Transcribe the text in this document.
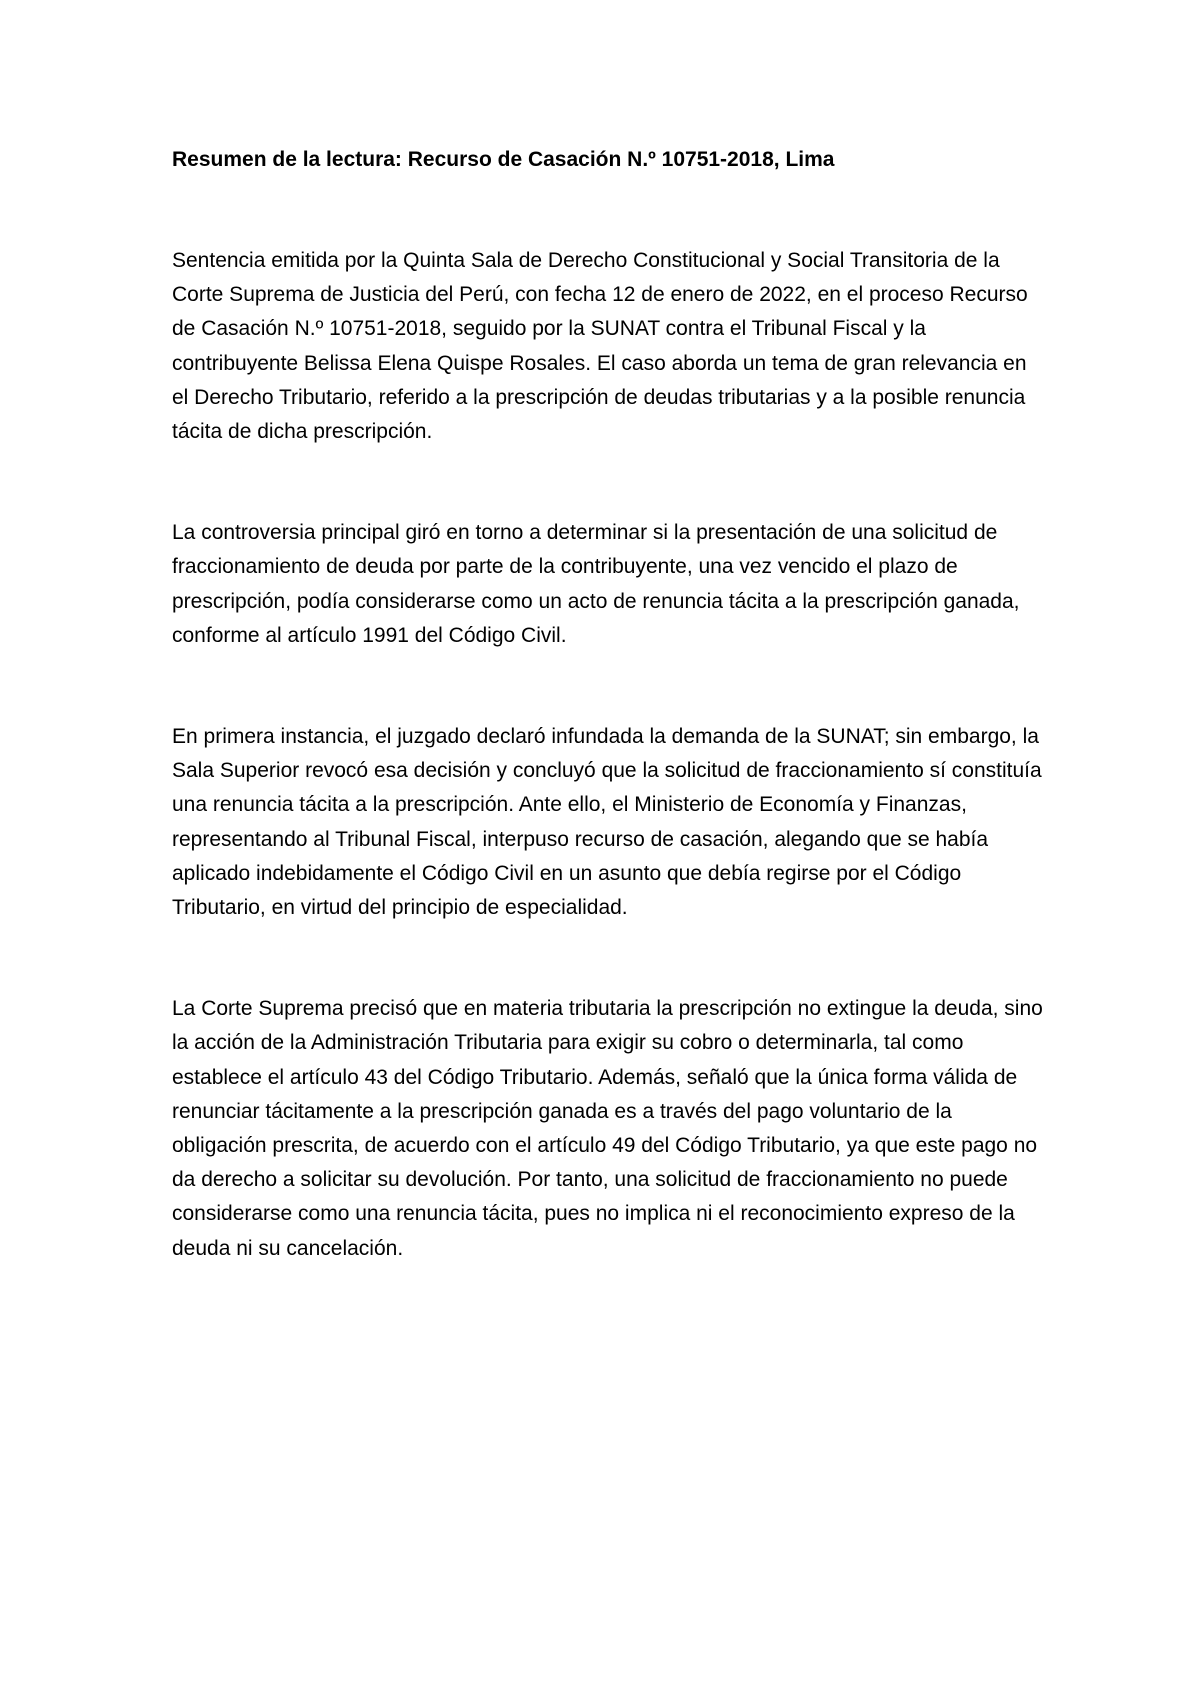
Resumen de la lectura: Recurso de Casación N.º 10751-2018, Lima

Sentencia emitida por la Quinta Sala de Derecho Constitucional y Social Transitoria de la Corte Suprema de Justicia del Perú, con fecha 12 de enero de 2022, en el proceso Recurso de Casación N.º 10751-2018, seguido por la SUNAT contra el Tribunal Fiscal y la contribuyente Belissa Elena Quispe Rosales. El caso aborda un tema de gran relevancia en el Derecho Tributario, referido a la prescripción de deudas tributarias y a la posible renuncia tácita de dicha prescripción.

La controversia principal giró en torno a determinar si la presentación de una solicitud de fraccionamiento de deuda por parte de la contribuyente, una vez vencido el plazo de prescripción, podía considerarse como un acto de renuncia tácita a la prescripción ganada, conforme al artículo 1991 del Código Civil.

En primera instancia, el juzgado declaró infundada la demanda de la SUNAT; sin embargo, la Sala Superior revocó esa decisión y concluyó que la solicitud de fraccionamiento sí constituía una renuncia tácita a la prescripción. Ante ello, el Ministerio de Economía y Finanzas, representando al Tribunal Fiscal, interpuso recurso de casación, alegando que se había aplicado indebidamente el Código Civil en un asunto que debía regirse por el Código Tributario, en virtud del principio de especialidad.

La Corte Suprema precisó que en materia tributaria la prescripción no extingue la deuda, sino la acción de la Administración Tributaria para exigir su cobro o determinarla, tal como establece el artículo 43 del Código Tributario. Además, señaló que la única forma válida de renunciar tácitamente a la prescripción ganada es a través del pago voluntario de la obligación prescrita, de acuerdo con el artículo 49 del Código Tributario, ya que este pago no da derecho a solicitar su devolución. Por tanto, una solicitud de fraccionamiento no puede considerarse como una renuncia tácita, pues no implica ni el reconocimiento expreso de la deuda ni su cancelación.
